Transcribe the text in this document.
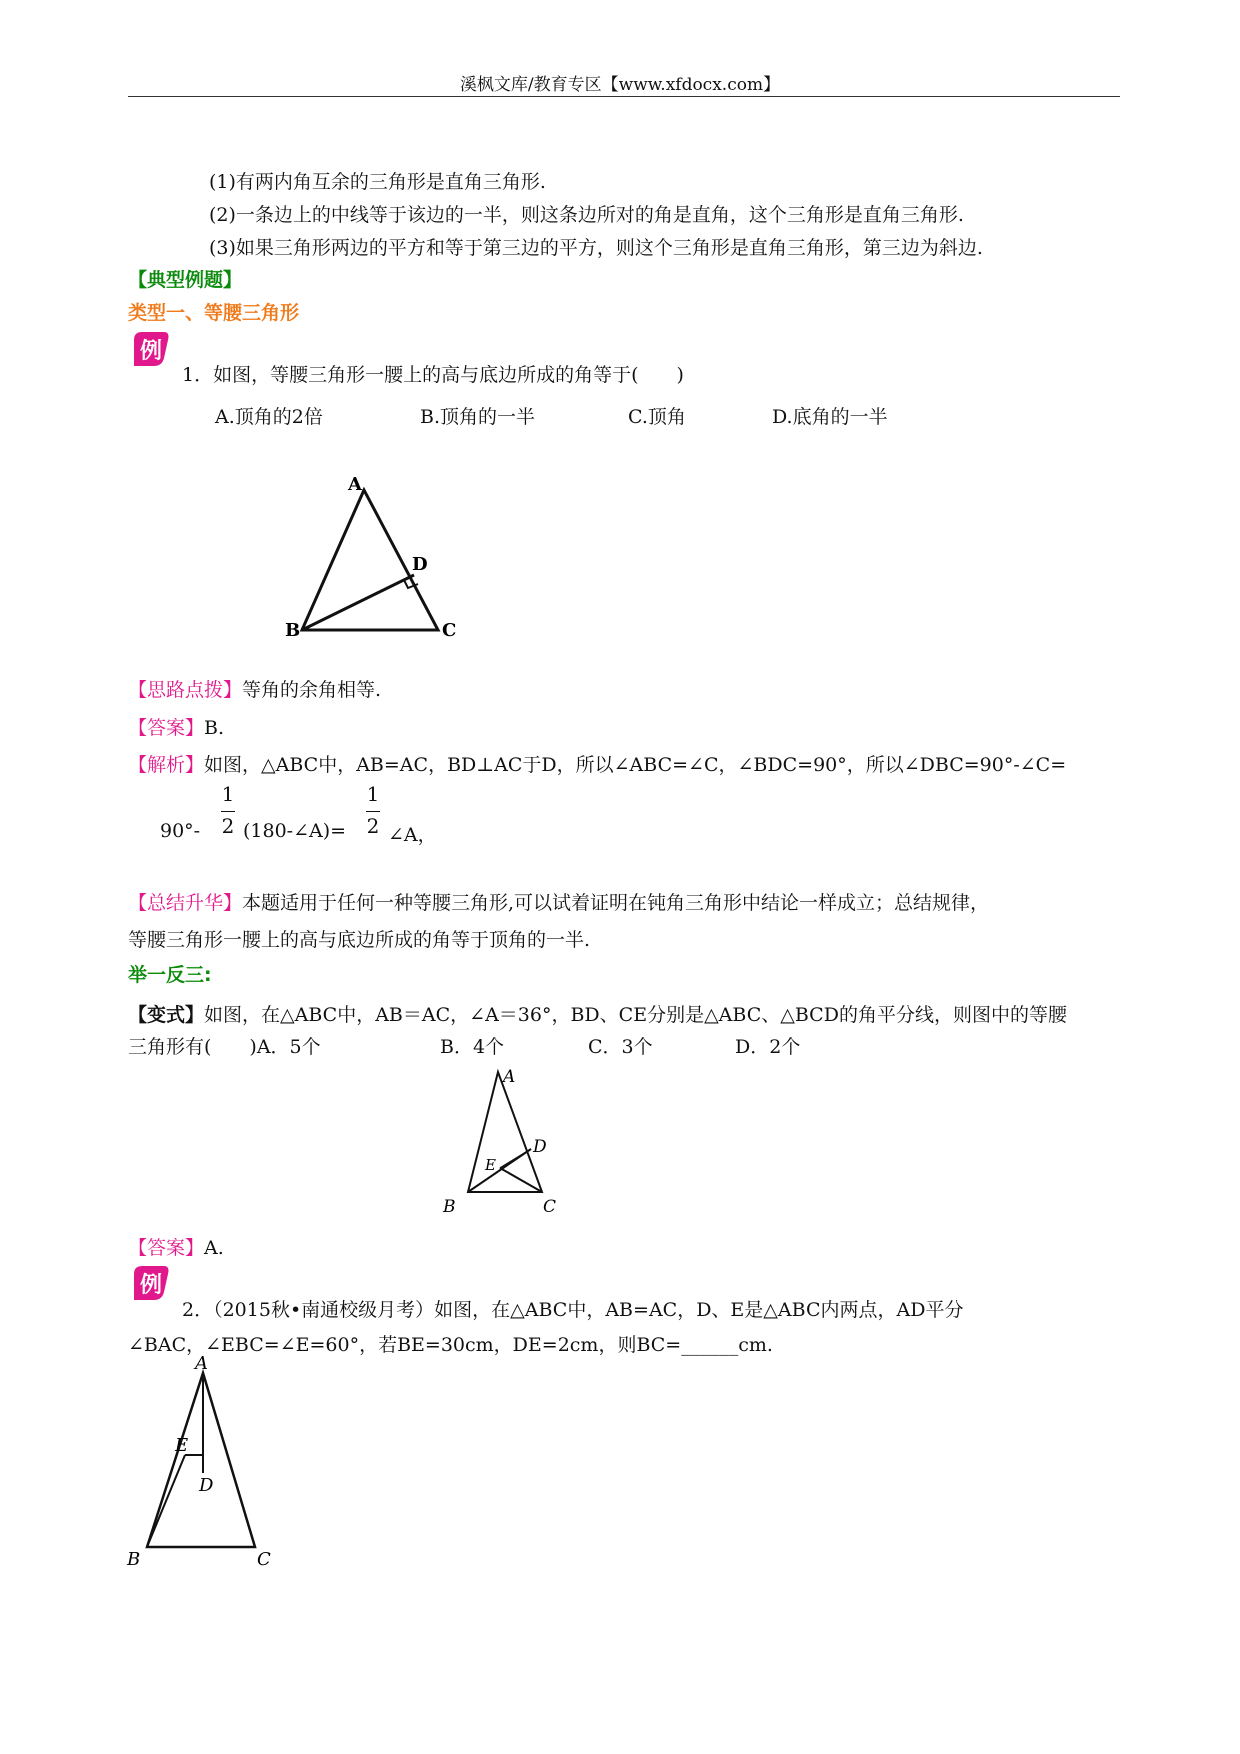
溪枫文库/教育专区【www.xfdocx.com】
(1)有两内角互余的三角形是直角三角形.
(2)一条边上的中线等于该边的一半，则这条边所对的角是直角，这个三角形是直角三角形.
(3)如果三角形两边的平方和等于第三边的平方，则这个三角形是直角三角形，第三边为斜边.
【典型例题】
类型一、等腰三角形
例
1．如图，等腰三角形一腰上的高与底边所成的角等于(　　)
A.顶角的2倍	B.顶角的一半	C.顶角	D.底角的一半
A
B	C
D
【思路点拨】等角的余角相等.
【答案】B.
【解析】如图，△ABC中，AB=AC，BD⊥AC于D，所以∠ABC=∠C，∠BDC=90°，所以∠DBC=90°-∠C=
90°-
1
2 (180-∠A)=
1
2 ∠A，
【总结升华】本题适用于任何一种等腰三角形,可以试着证明在钝角三角形中结论一样成立；总结规律，
等腰三角形一腰上的高与底边所成的角等于顶角的一半.
举一反三:
【变式】如图，在△ABC中，AB＝AC，∠A＝36°，BD、CE分别是△ABC、△BCD的角平分线，则图中的等腰
三角形有(　　)A．5个	B．4个	C．3个	D．2个
A
B	C
D
E
【答案】A.
例
2．（2015秋•南通校级月考）如图，在△ABC中，AB=AC，D、E是△ABC内两点，AD平分
∠BAC，∠EBC=∠E=60°，若BE=30cm，DE=2cm，则BC=______cm.
A
B	C
D
E
